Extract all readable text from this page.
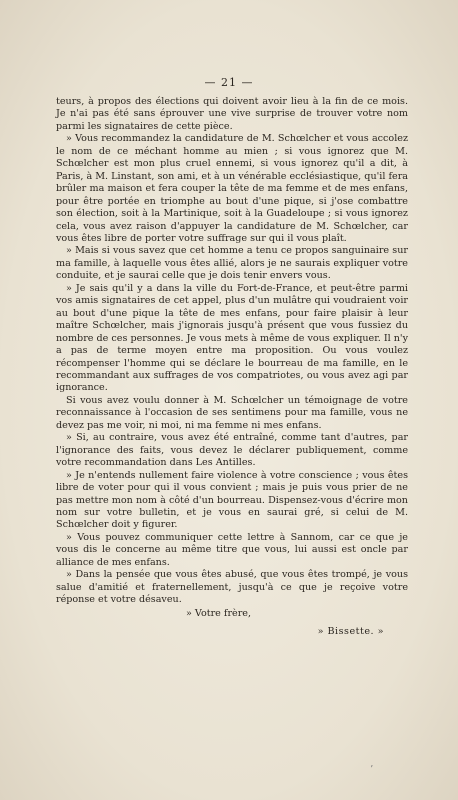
— 21 —

teurs, à propos des élections qui doivent avoir lieu à la fin de ce mois. Je n'ai pas été sans éprouver une vive surprise de trouver votre nom parmi les signataires de cette pièce.

» Vous recommandez la candidature de M. Schœlcher et vous accolez le nom de ce méchant homme au mien ; si vous ignorez que M. Schœlcher est mon plus cruel ennemi, si vous ignorez qu'il a dit, à Paris, à M. Linstant, son ami, et à un vénérable ecclésiastique, qu'il fera brûler ma maison et fera couper la tête de ma femme et de mes enfans, pour être portée en triomphe au bout d'une pique, si j'ose combattre son élection, soit à la Martinique, soit à la Guadeloupe ; si vous ignorez cela, vous avez raison d'appuyer la candidature de M. Schœlcher, car vous êtes libre de porter votre suffrage sur qui il vous plaît.

» Mais si vous savez que cet homme a tenu ce propos sanguinaire sur ma famille, à laquelle vous êtes allié, alors je ne saurais expliquer votre conduite, et je saurai celle que je dois tenir envers vous.

» Je sais qu'il y a dans la ville du Fort-de-France, et peut-être parmi vos amis signataires de cet appel, plus d'un mulâtre qui voudraient voir au bout d'une pique la tête de mes enfans, pour faire plaisir à leur maître Schœlcher, mais j'ignorais jusqu'à présent que vous fussiez du nombre de ces personnes. Je vous mets à même de vous expliquer. Il n'y a pas de terme moyen entre ma proposition. Ou vous voulez récompenser l'homme qui se déclare le bourreau de ma famille, en le recommandant aux suffrages de vos compatriotes, ou vous avez agi par ignorance.

Si vous avez voulu donner à M. Schœlcher un témoignage de votre reconnaissance à l'occasion de ses sentimens pour ma famille, vous ne devez pas me voir, ni moi, ni ma femme ni mes enfans.

» Si, au contraire, vous avez été entraîné, comme tant d'autres, par l'ignorance des faits, vous devez le déclarer publiquement, comme votre recommandation dans Les Antilles.

» Je n'entends nullement faire violence à votre conscience ; vous êtes libre de voter pour qui il vous convient ; mais je puis vous prier de ne pas mettre mon nom à côté d'un bourreau. Dispensez-vous d'écrire mon nom sur votre bulletin, et je vous en saurai gré, si celui de M. Schœlcher doit y figurer.

» Vous pouvez communiquer cette lettre à Sannom, car ce que je vous dis le concerne au même titre que vous, lui aussi est oncle par alliance de mes enfans.

» Dans la pensée que vous êtes abusé, que vous êtes trompé, je vous salue d'amitié et fraternellement, jusqu'à ce que je reçoive votre réponse et votre désaveu.

» Votre frère,
» Bissette. »
ʼ
